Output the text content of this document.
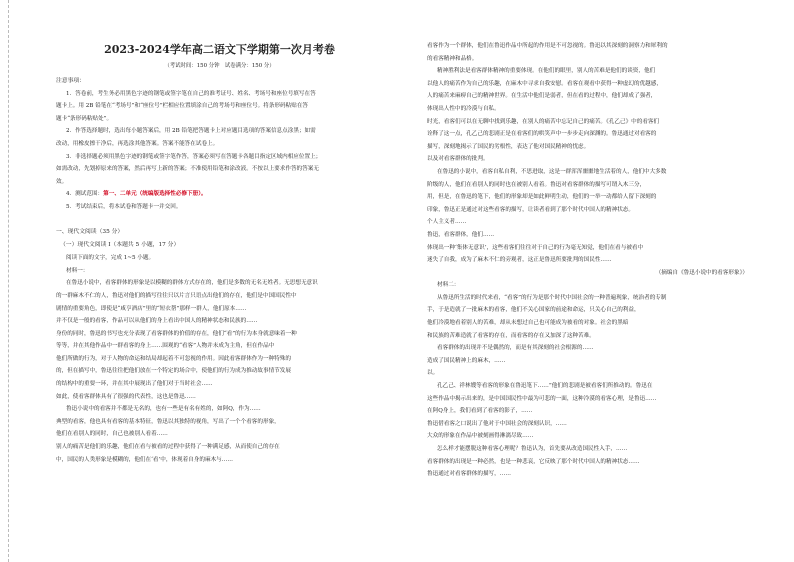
2023-2024学年高二语文下学期第一次月考卷
（考试时间：150 分钟　试卷满分：150 分）

注意事项：

1．答卷前，考生务必用黑色字迹的钢笔或签字笔在自己的准考证号、姓名、考场号和座位号填写在答

题卡上。用 2B 铅笔在“考场号”和“座位号”栏相应位置填涂自己的考场号和座位号。将条形码粘贴在答

题卡“条形码粘贴处”。

2．作答选择题时，选出每小题答案后，用 2B 铅笔把答题卡上对应题目选项的答案信息点涂黑；如需

改动，用橡皮擦干净后，再选涂其他答案。答案不能答在试卷上。

3．非选择题必须用黑色字迹的钢笔或签字笔作答，答案必须写在答题卡各题目指定区域内相应位置上；

如需改动，先划掉原来的答案，然后再写上新的答案；不准使用铅笔和涂改液。不按以上要求作答的答案无

效。

4．测试范围：第一、二单元（统编版选择性必修下册）。

5．考试结束后，将本试卷和答题卡一并交回。

一、现代文阅读（35 分）

（一）现代文阅读 I（本题共 5 小题，17 分）

阅读下面的文字，完成 1~5 小题。

材料一：

在鲁迅小说中，看客群体的形象是以模糊的群体方式存在的，他们是多数的无名无姓者。无思想无意识

的一群麻木不仁的人，鲁迅对他们的描写往往只以片言只语点出他们的存在，他们是中国国民性中

剧情的重要角色，即使是“咸亨酒店”里的“短衣帮”那样一群人，他们原本……

并不仅是一般的看客，作品可以从他们的身上看出中国人的精神状态和民族的……

身份的同时，鲁迅的书写也充分表现了看客群体的价值的存在，他们“看”的行为本身就意味着一种

等等，并在其他作品中一群看客的身上……围观的“看客”人物并未成为主角，但在作品中

他们所做的行为，对于人物的命运和结局却起着不可忽视的作用。因此看客群体作为一种特殊的

的，但在描写中，鲁迅往往把他们放在一个特定的场合中，使他们的行为成为推动故事情节发展

的结构中的重要一环，并在其中展现出了他们对于当时社会……

如此，使看客群体具有了很强的代表性，这也是鲁迅……

鲁迅小说中的看客并不都是无名的，也有一些是有名有姓的，如阿Q，作为……

典型的看客，他也具有看客的基本特征，鲁迅以其独特的视角，写出了一个个看客的形象，

他们在看别人的同时，自己也被别人看着……

别人的痛苦是他们的乐趣，他们在看与被看的过程中获得了一种满足感，从而使自己的存在

中，国民的人类形象是模糊的，他们在‘看’中，体现着自身的麻木与……

看客作为一个群体，他们在鲁迅作品中所起的作用是不可忽视的。鲁迅以其深刻的洞察力和犀利的

的看客精神和品格。

精神胜利法是看客群体精神的重要体现。在他们的眼里，别人的苦难是他们的谈资，他们

以他人的痛苦作为自己的乐趣，在麻木中寻求自我安慰。看客在观看中获得一种虚幻的优越感，

人的痛苦来麻痹自己的精神世界。在生活中他们是弱者，但在看的过程中，他们却成了强者，

体现出人性中的冷漠与自私。

时光，看客们可以在无聊中找到乐趣，在别人的痛苦中忘记自己的痛苦。《孔乙己》中的看客们

诠释了这一点，孔乙己的悲剧正是在看客们的哄笑声中一步步走向深渊的。鲁迅通过对看客的

描写，深刻地揭示了国民的劣根性，表达了他对国民精神的忧虑。

以及对看客群体的批判。

在鲁迅的小说中，看客自私自利，不思进取，这是一群浑浑噩噩地生活着的人，他们中大多数

阶级的人，他们在看别人的同时也在被别人看着。鲁迅对看客群体的描写可谓入木三分，

用，但是，在鲁迅的笔下，他们的形象却是如此鲜明生动，他们的一举一动都给人留下深刻的

印象，鲁迅正是通过对这些看客的描写，让读者看到了那个时代中国人的精神状态。

个人主义者……

鲁迅，看客群体，他们……

体现出一种‘集体无意识’，这些看客们往往对于自己的行为毫无知觉，他们在看与被看中

迷失了自我，成为了麻木不仁的旁观者，这正是鲁迅所要批判的国民性……

（摘编自《鲁迅小说中的看客形象》）

材料二：

从鲁迅所生活的时代来看，“看客”的行为是那个时代中国社会的一种普遍现象，统治者的专制

手，于是造就了一批麻木的看客，他们不关心国家的前途和命运，只关心自己的利益，

他们冷漠地看着别人的苦难，却从未想过自己也可能成为被看的对象。社会的黑暗

和民族的苦难造就了看客的存在，而看客的存在又加深了这种苦难。

看客群体的出现并不是偶然的，而是有其深刻的社会根源的……

造成了国民精神上的麻木，……

以。

孔乙己、祥林嫂等看客的形象在鲁迅笔下……”他们的悲剧是被看客们所推动的。鲁迅在

这些作品中揭示出来的，是中国国民性中最为可悲的一面，这种冷漠的看客心理，是鲁迅……

在阿Q身上，我们看到了看客的影子，……

鲁迅借看客之口说出了他对于中国社会的深刻认识，……

大众的形象在作品中被刻画得淋漓尽致……

怎么样才能摆脱这种看客心理呢？鲁迅认为，首先要从改造国民性入手，……

看客群体的出现是一种必然，也是一种悲哀，它反映了那个时代中国人的精神状态……

鲁迅通过对看客群体的描写，……
